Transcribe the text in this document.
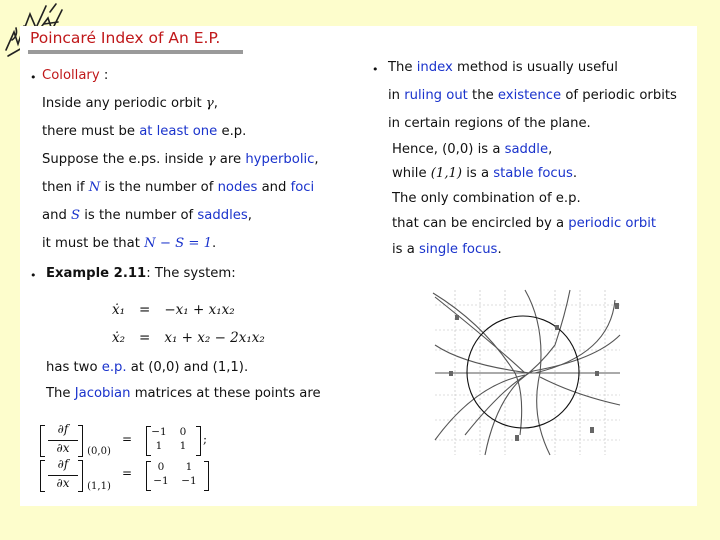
Poincaré Index of An E.P.
• Colollary :
Inside any periodic orbit γ,
there must be at least one e.p.
Suppose the e.ps. inside γ are hyperbolic,
then if N is the number of nodes and foci
and S is the number of saddles,
it must be that N − S = 1.
• Example 2.11: The system:
ẋ₁ = −x₁ + x₁x₂
ẋ₂ = x₁ + x₂ − 2x₁x₂
has two e.p. at (0,0) and (1,1).
The Jacobian matrices at these points are
∂f
∂x	(0,0)
= −1	0
1	1	;
∂f
∂x	(1,1)
=	0	1
−1 −1
• The index method is usually useful
in ruling out the existence of periodic orbits
in certain regions of the plane.
Hence, (0,0) is a saddle,
while (1,1) is a stable focus.
The only combination of e.p.
that can be encircled by a periodic orbit
is a single focus.
